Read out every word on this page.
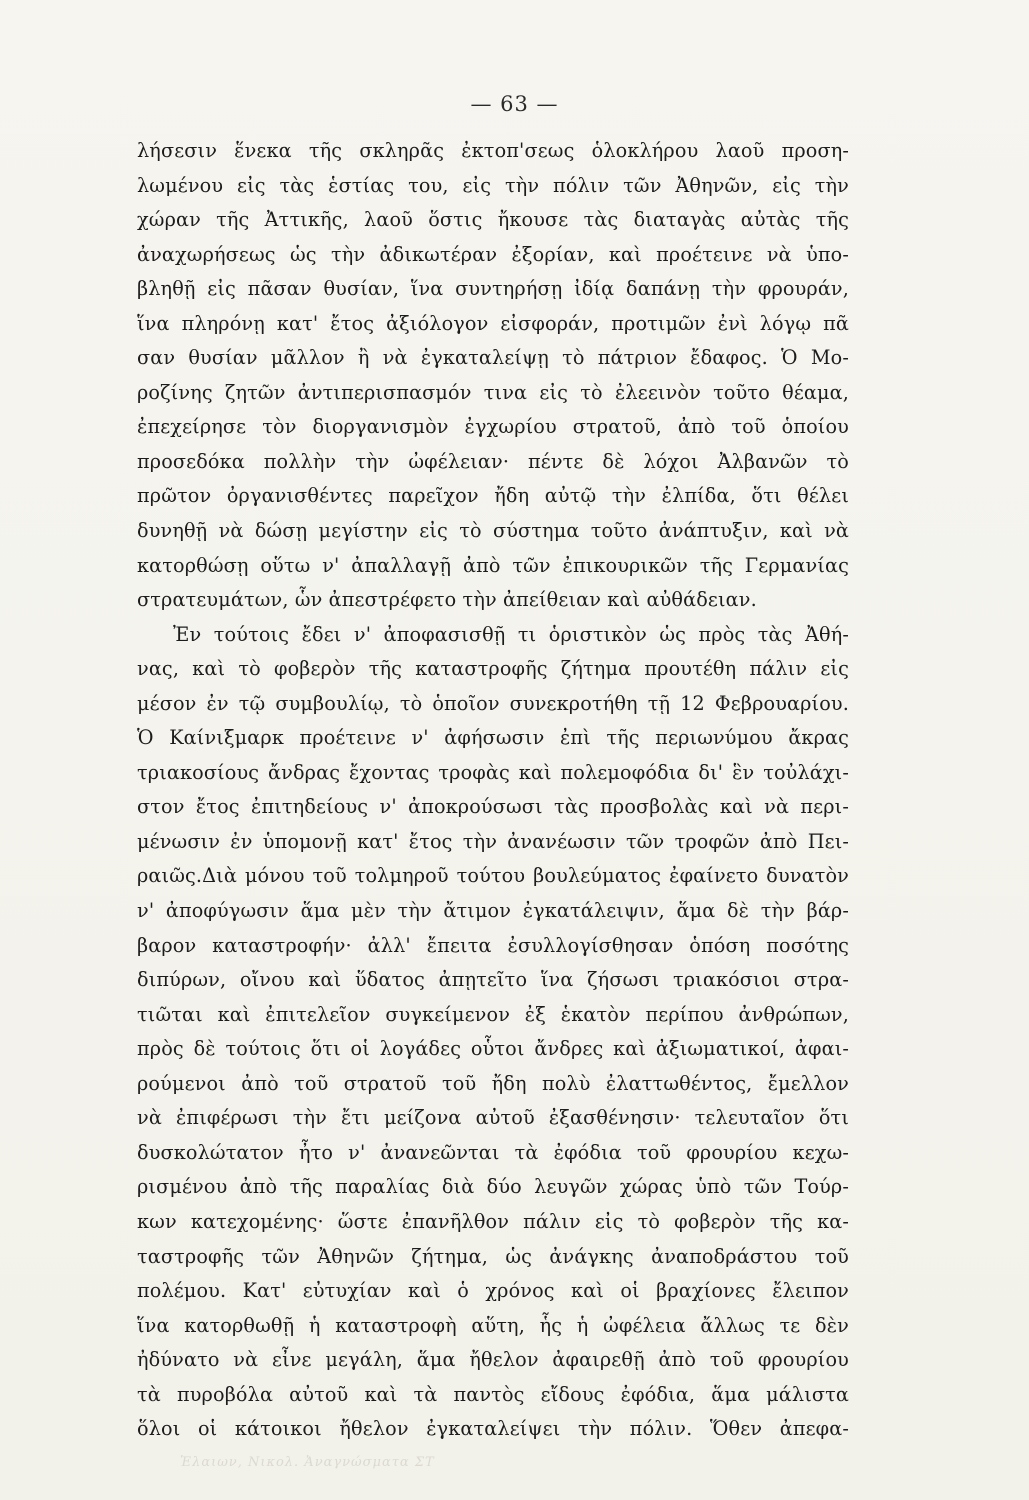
— 63 —
λήσεσιν ἕνεκα τῆς σκληρᾶς ἐκτοπ'σεως ὁλοκλήρου λαοῦ προση-
λωμένου εἰς τὰς ἑστίας του, εἰς τὴν πόλιν τῶν Ἀθηνῶν, εἰς τὴν
χώραν τῆς Ἀττικῆς, λαοῦ ὅστις ἤκουσε τὰς διαταγὰς αὐτὰς τῆς
ἀναχωρήσεως ὡς τὴν ἀδικωτέραν ἐξορίαν, καὶ προέτεινε νὰ ὑπο-
βληθῇ εἰς πᾶσαν θυσίαν, ἵνα συντηρήσῃ ἰδίᾳ δαπάνῃ τὴν φρουράν,
ἵνα πληρόνῃ κατ' ἔτος ἀξιόλογον εἰσφοράν, προτιμῶν ἐνὶ λόγῳ πᾶ
σαν θυσίαν μᾶλλον ἢ νὰ ἐγκαταλείψῃ τὸ πάτριον ἔδαφος. Ὁ Μο-
ροζίνης ζητῶν ἀντιπερισπασμόν τινα εἰς τὸ ἐλεεινὸν τοῦτο θέαμα,
ἐπεχείρησε τὸν διοργανισμὸν ἐγχωρίου στρατοῦ, ἀπὸ τοῦ ὁποίου
προσεδόκα πολλὴν τὴν ὠφέλειαν· πέντε δὲ λόχοι Ἀλβανῶν τὸ
πρῶτον ὀργανισθέντες παρεῖχον ἤδη αὐτῷ τὴν ἐλπίδα, ὅτι θέλει
δυνηθῇ νὰ δώσῃ μεγίστην εἰς τὸ σύστημα τοῦτο ἀνάπτυξιν, καὶ νὰ
κατορθώσῃ οὕτω ν' ἀπαλλαγῇ ἀπὸ τῶν ἐπικουρικῶν τῆς Γερμανίας
στρατευμάτων, ὧν ἀπεστρέφετο τὴν ἀπείθειαν καὶ αὐθάδειαν.
Ἐν τούτοις ἔδει ν' ἀποφασισθῇ τι ὁριστικὸν ὡς πρὸς τὰς Ἀθή-
νας, καὶ τὸ φοβερὸν τῆς καταστροφῆς ζήτημα προυτέθη πάλιν εἰς
μέσον ἐν τῷ συμβουλίῳ, τὸ ὁποῖον συνεκροτήθη τῇ 12 Φεβρουαρίου.
Ὁ Καίνιξμαρκ προέτεινε ν' ἀφήσωσιν ἐπὶ τῆς περιωνύμου ἄκρας
τριακοσίους ἄνδρας ἔχοντας τροφὰς καὶ πολεμοφόδια δι' ἓν τοὐλάχι-
στον ἔτος ἐπιτηδείους ν' ἀποκρούσωσι τὰς προσβολὰς καὶ νὰ περι-
μένωσιν ἐν ὑπομονῇ κατ' ἔτος τὴν ἀνανέωσιν τῶν τροφῶν ἀπὸ Πει-
ραιῶς.Διὰ μόνου τοῦ τολμηροῦ τούτου βουλεύματος ἐφαίνετο δυνατὸν
ν' ἀποφύγωσιν ἅμα μὲν τὴν ἄτιμον ἐγκατάλειψιν, ἅμα δὲ τὴν βάρ-
βαρον καταστροφήν· ἀλλ' ἔπειτα ἐσυλλογίσθησαν ὁπόση ποσότης
διπύρων, οἴνου καὶ ὕδατος ἀπῃτεῖτο ἵνα ζήσωσι τριακόσιοι στρα-
τιῶται καὶ ἐπιτελεῖον συγκείμενον ἐξ ἑκατὸν περίπου ἀνθρώπων,
πρὸς δὲ τούτοις ὅτι οἱ λογάδες οὗτοι ἄνδρες καὶ ἀξιωματικοί, ἀφαι-
ρούμενοι ἀπὸ τοῦ στρατοῦ τοῦ ἤδη πολὺ ἐλαττωθέντος, ἔμελλον
νὰ ἐπιφέρωσι τὴν ἔτι μείζονα αὐτοῦ ἐξασθένησιν· τελευταῖον ὅτι
δυσκολώτατον ἦτο ν' ἀνανεῶνται τὰ ἐφόδια τοῦ φρουρίου κεχω-
ρισμένου ἀπὸ τῆς παραλίας διὰ δύο λευγῶν χώρας ὑπὸ τῶν Τούρ-
κων κατεχομένης· ὥστε ἐπανῆλθον πάλιν εἰς τὸ φοβερὸν τῆς κα-
ταστροφῆς τῶν Ἀθηνῶν ζήτημα, ὡς ἀνάγκης ἀναποδράστου τοῦ
πολέμου. Κατ' εὐτυχίαν καὶ ὁ χρόνος καὶ οἱ βραχίονες ἔλειπον
ἵνα κατορθωθῇ ἡ καταστροφὴ αὕτη, ἧς ἡ ὠφέλεια ἄλλως τε δὲν
ἠδύνατο νὰ εἶνε μεγάλη, ἅμα ἤθελον ἀφαιρεθῇ ἀπὸ τοῦ φρουρίου
τὰ πυροβόλα αὐτοῦ καὶ τὰ παντὸς εἴδους ἐφόδια, ἅμα μάλιστα
ὅλοι οἱ κάτοικοι ἤθελον ἐγκαταλείψει τὴν πόλιν. Ὅθεν ἀπεφα-
Ἐλαιων, Νικολ. Ἀναγνώσματα ΣΤ
